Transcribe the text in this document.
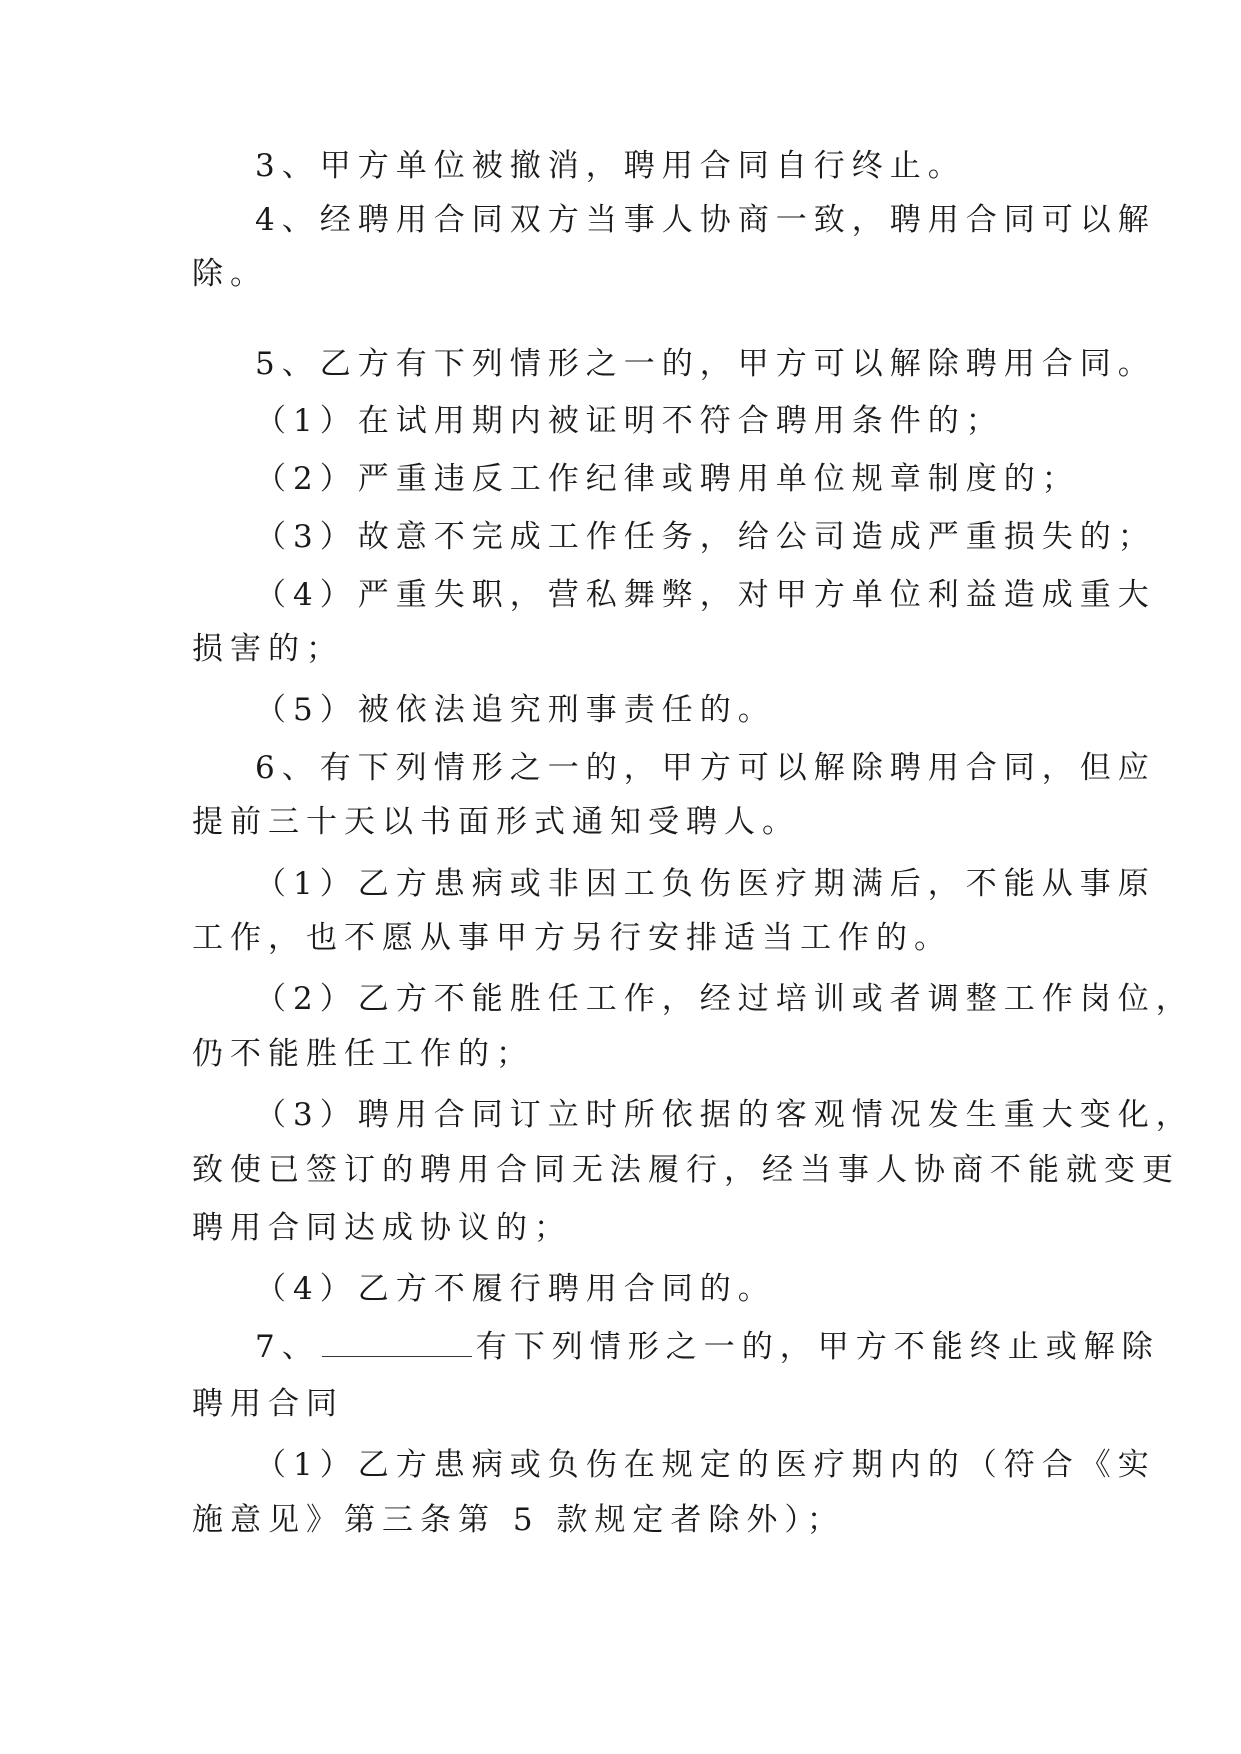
3、甲方单位被撤消，聘用合同自行终止。
4、经聘用合同双方当事人协商一致，聘用合同可以解
除。
5、乙方有下列情形之一的，甲方可以解除聘用合同。
（1）在试用期内被证明不符合聘用条件的；
（2）严重违反工作纪律或聘用单位规章制度的；
（3）故意不完成工作任务，给公司造成严重损失的；
（4）严重失职，营私舞弊，对甲方单位利益造成重大
损害的；
（5）被依法追究刑事责任的。
6、有下列情形之一的，甲方可以解除聘用合同，但应
提前三十天以书面形式通知受聘人。
（1）乙方患病或非因工负伤医疗期满后，不能从事原
工作，也不愿从事甲方另行安排适当工作的。
（2）乙方不能胜任工作，经过培训或者调整工作岗位，
仍不能胜任工作的；
（3）聘用合同订立时所依据的客观情况发生重大变化，
致使已签订的聘用合同无法履行，经当事人协商不能就变更
聘用合同达成协议的；
（4）乙方不履行聘用合同的。
7、	有下列情形之一的，甲方不能终止或解除
聘用合同
（1）乙方患病或负伤在规定的医疗期内的（符合《实
施意见》第三条第 5 款规定者除外）；
